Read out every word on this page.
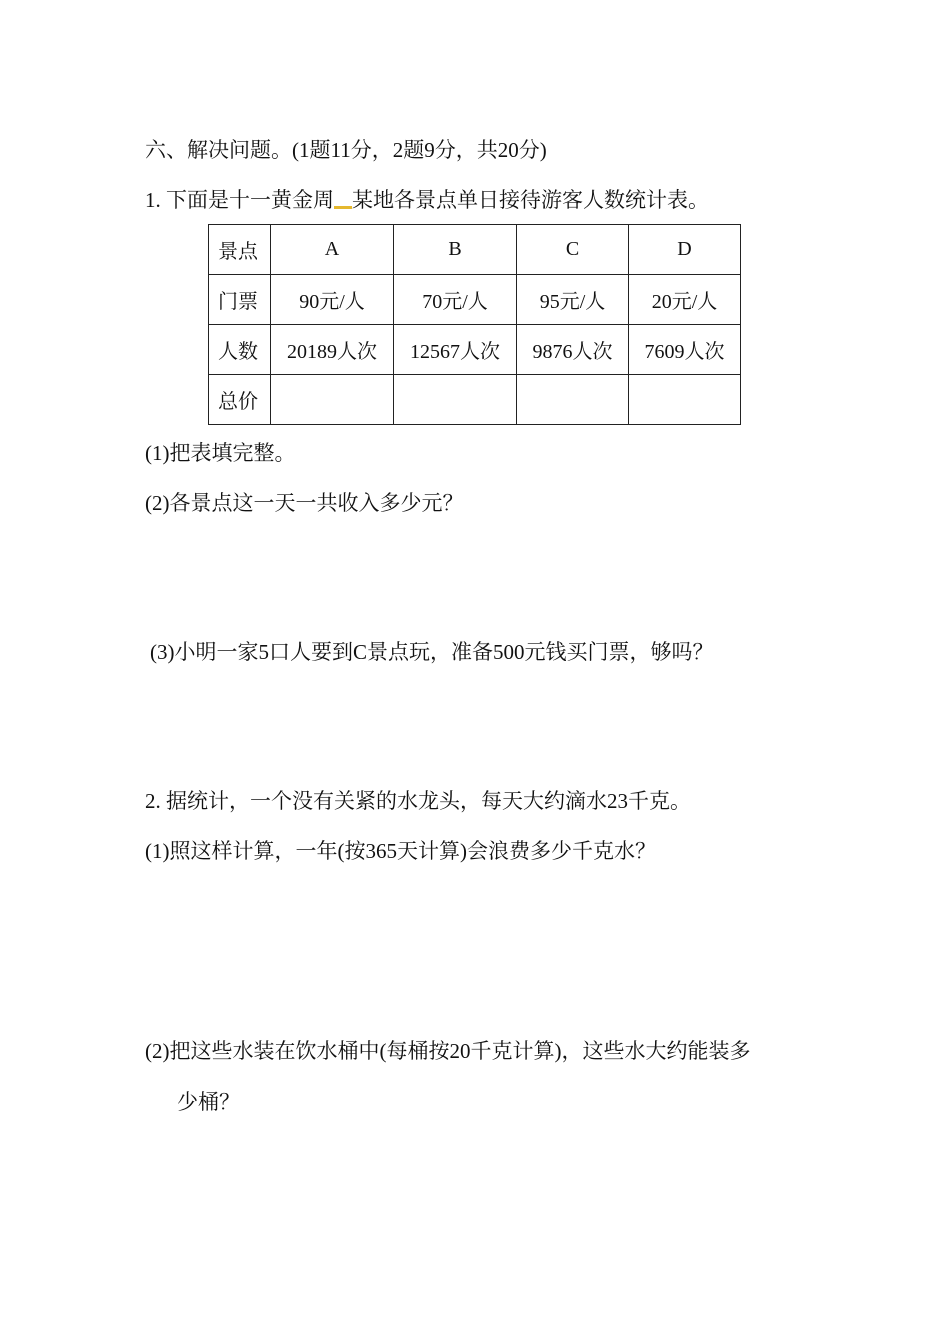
六、解决问题。(1题11分，2题9分，共20分)
1. 下面是十一黄金周 某地各景点单日接待游客人数统计表。
景点	A	B	C	D
门票	90元/人	70元/人	95元/人	20元/人
人数	20189人次	12567人次	9876人次	7609人次
总价				
(1)把表填完整。
(2)各景点这一天一共收入多少元？
(3)小明一家5口人要到C景点玩，准备500元钱买门票，够吗？
2. 据统计，一个没有关紧的水龙头，每天大约滴水23千克。
(1)照这样计算，一年(按365天计算)会浪费多少千克水？
(2)把这些水装在饮水桶中(每桶按20千克计算)，这些水大约能装多
少桶？
